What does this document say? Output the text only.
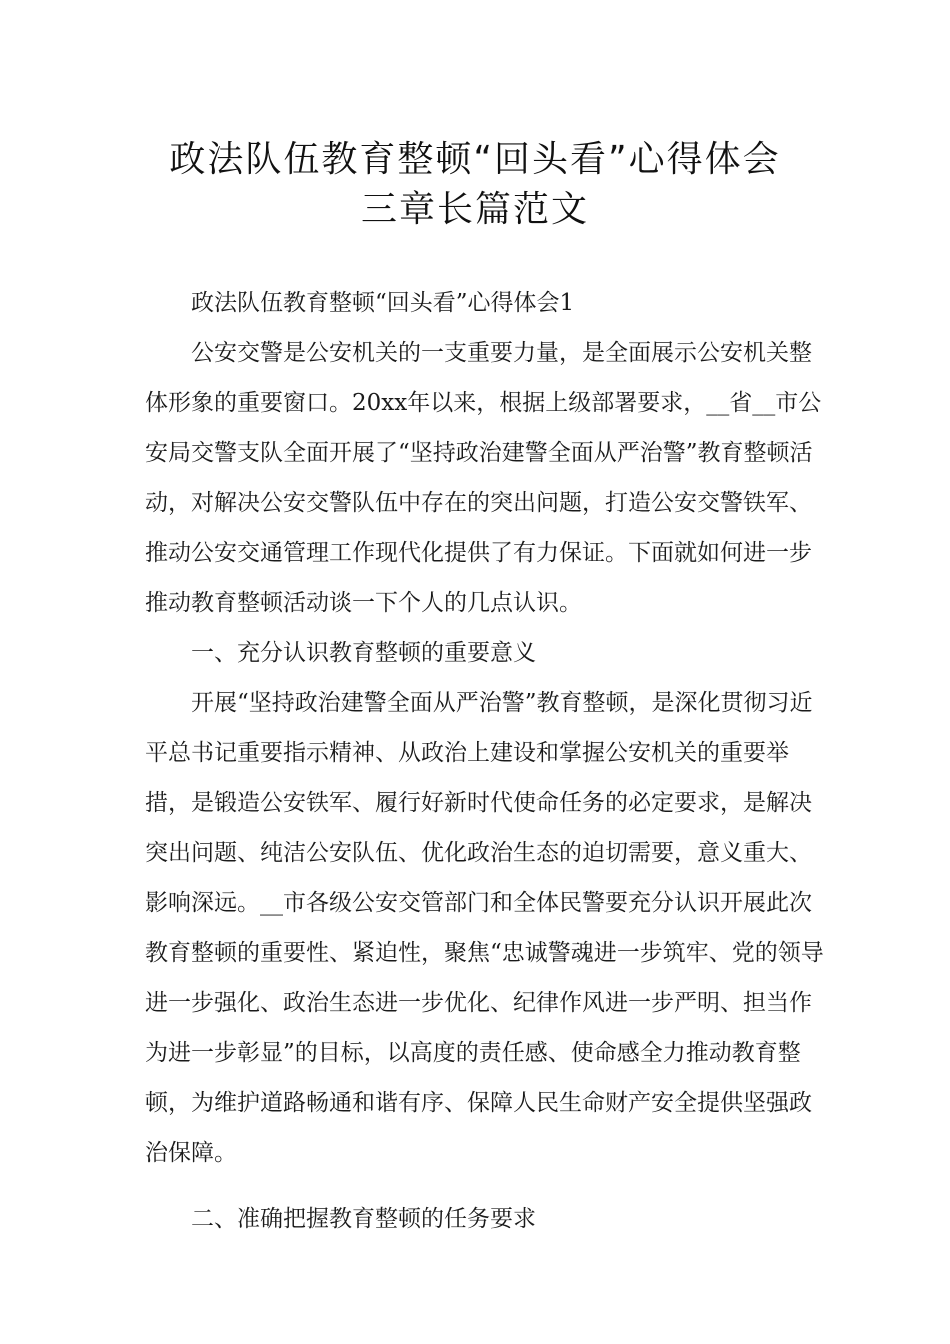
政法队伍教育整顿“回头看”心得体会
三章长篇范文

政法队伍教育整顿“回头看”心得体会1

公安交警是公安机关的一支重要力量，是全面展示公安机关整体形象的重要窗口。20xx年以来，根据上级部署要求，__省__市公安局交警支队全面开展了“坚持政治建警全面从严治警”教育整顿活动，对解决公安交警队伍中存在的突出问题，打造公安交警铁军、推动公安交通管理工作现代化提供了有力保证。下面就如何进一步推动教育整顿活动谈一下个人的几点认识。

一、充分认识教育整顿的重要意义

开展“坚持政治建警全面从严治警”教育整顿，是深化贯彻习近平总书记重要指示精神、从政治上建设和掌握公安机关的重要举措，是锻造公安铁军、履行好新时代使命任务的必定要求，是解决突出问题、纯洁公安队伍、优化政治生态的迫切需要，意义重大、影响深远。__市各级公安交管部门和全体民警要充分认识开展此次教育整顿的重要性、紧迫性，聚焦“忠诚警魂进一步筑牢、党的领导进一步强化、政治生态进一步优化、纪律作风进一步严明、担当作为进一步彰显”的目标，以高度的责任感、使命感全力推动教育整顿，为维护道路畅通和谐有序、保障人民生命财产安全提供坚强政治保障。

二、准确把握教育整顿的任务要求
